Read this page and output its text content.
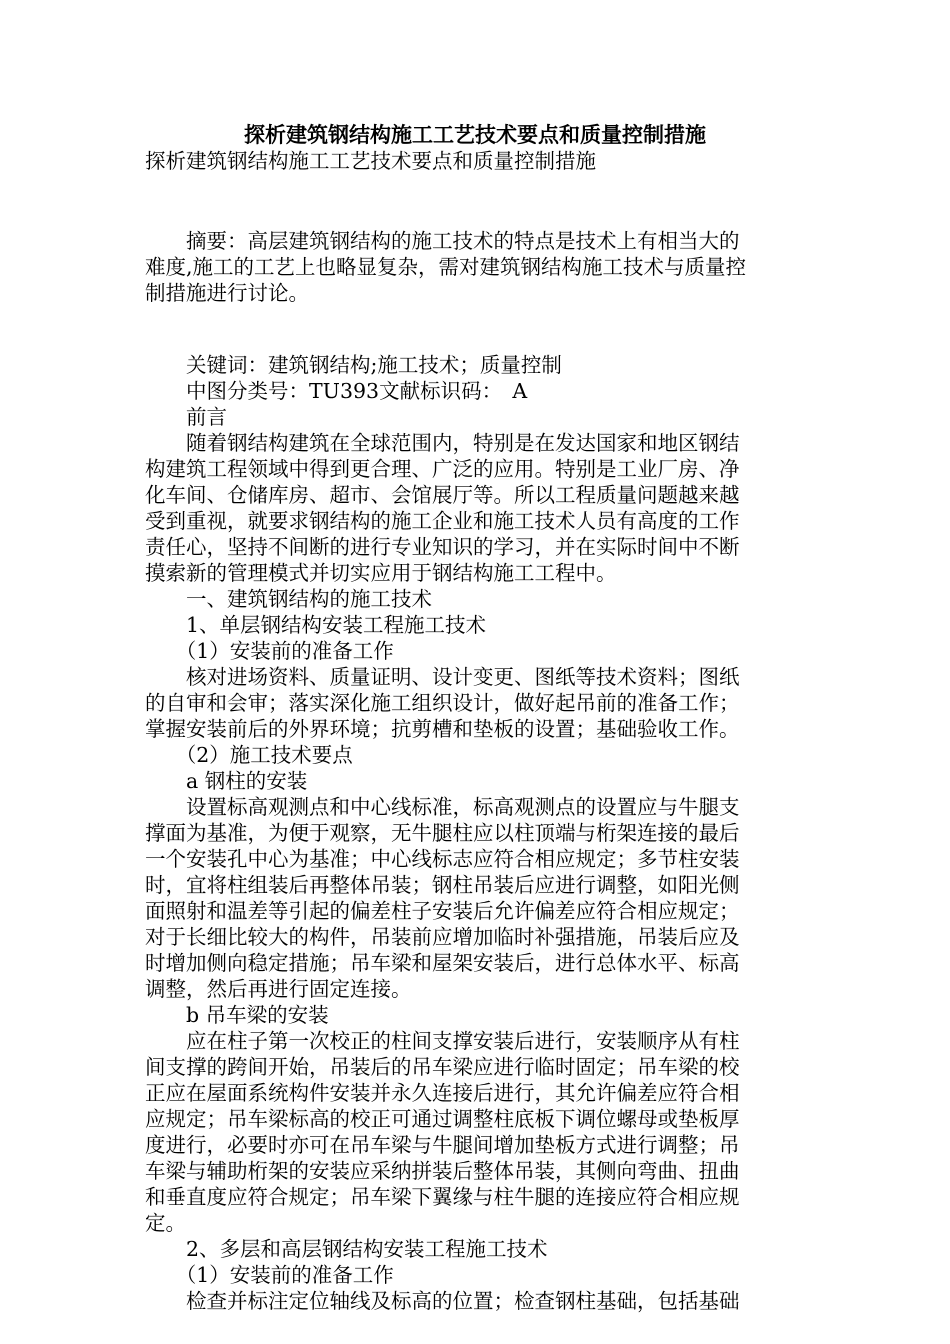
探析建筑钢结构施工工艺技术要点和质量控制措施
探析建筑钢结构施工工艺技术要点和质量控制措施
　　摘要：高层建筑钢结构的施工技术的特点是技术上有相当大的
难度,施工的工艺上也略显复杂，需对建筑钢结构施工技术与质量控
制措施进行讨论。
　　关键词：建筑钢结构;施工技术；质量控制
　　中图分类号：TU393文献标识码：　A
　　前言
　　随着钢结构建筑在全球范围内，特别是在发达国家和地区钢结
构建筑工程领域中得到更合理、广泛的应用。特别是工业厂房、净
化车间、仓储库房、超市、会馆展厅等。所以工程质量问题越来越
受到重视，就要求钢结构的施工企业和施工技术人员有高度的工作
责任心，坚持不间断的进行专业知识的学习，并在实际时间中不断
摸索新的管理模式并切实应用于钢结构施工工程中。
　　一、建筑钢结构的施工技术
　　1、单层钢结构安装工程施工技术
　　（1）安装前的准备工作
　　核对进场资料、质量证明、设计变更、图纸等技术资料；图纸
的自审和会审；落实深化施工组织设计，做好起吊前的准备工作；
掌握安装前后的外界环境；抗剪槽和垫板的设置；基础验收工作。
　　（2）施工技术要点
　　a 钢柱的安装
　　设置标高观测点和中心线标准，标高观测点的设置应与牛腿支
撑面为基准，为便于观察，无牛腿柱应以柱顶端与桁架连接的最后
一个安装孔中心为基准；中心线标志应符合相应规定；多节柱安装
时，宜将柱组装后再整体吊装；钢柱吊装后应进行调整，如阳光侧
面照射和温差等引起的偏差柱子安装后允许偏差应符合相应规定；
对于长细比较大的构件，吊装前应增加临时补强措施，吊装后应及
时增加侧向稳定措施；吊车梁和屋架安装后，进行总体水平、标高
调整，然后再进行固定连接。
　　b 吊车梁的安装
　　应在柱子第一次校正的柱间支撑安装后进行，安装顺序从有柱
间支撑的跨间开始，吊装后的吊车梁应进行临时固定；吊车梁的校
正应在屋面系统构件安装并永久连接后进行，其允许偏差应符合相
应规定；吊车梁标高的校正可通过调整柱底板下调位螺母或垫板厚
度进行，必要时亦可在吊车梁与牛腿间增加垫板方式进行调整；吊
车梁与辅助桁架的安装应采纳拼装后整体吊装，其侧向弯曲、扭曲
和垂直度应符合规定；吊车梁下翼缘与柱牛腿的连接应符合相应规
定。
　　2、多层和高层钢结构安装工程施工技术
　　（1）安装前的准备工作
　　检查并标注定位轴线及标高的位置；检查钢柱基础，包括基础
